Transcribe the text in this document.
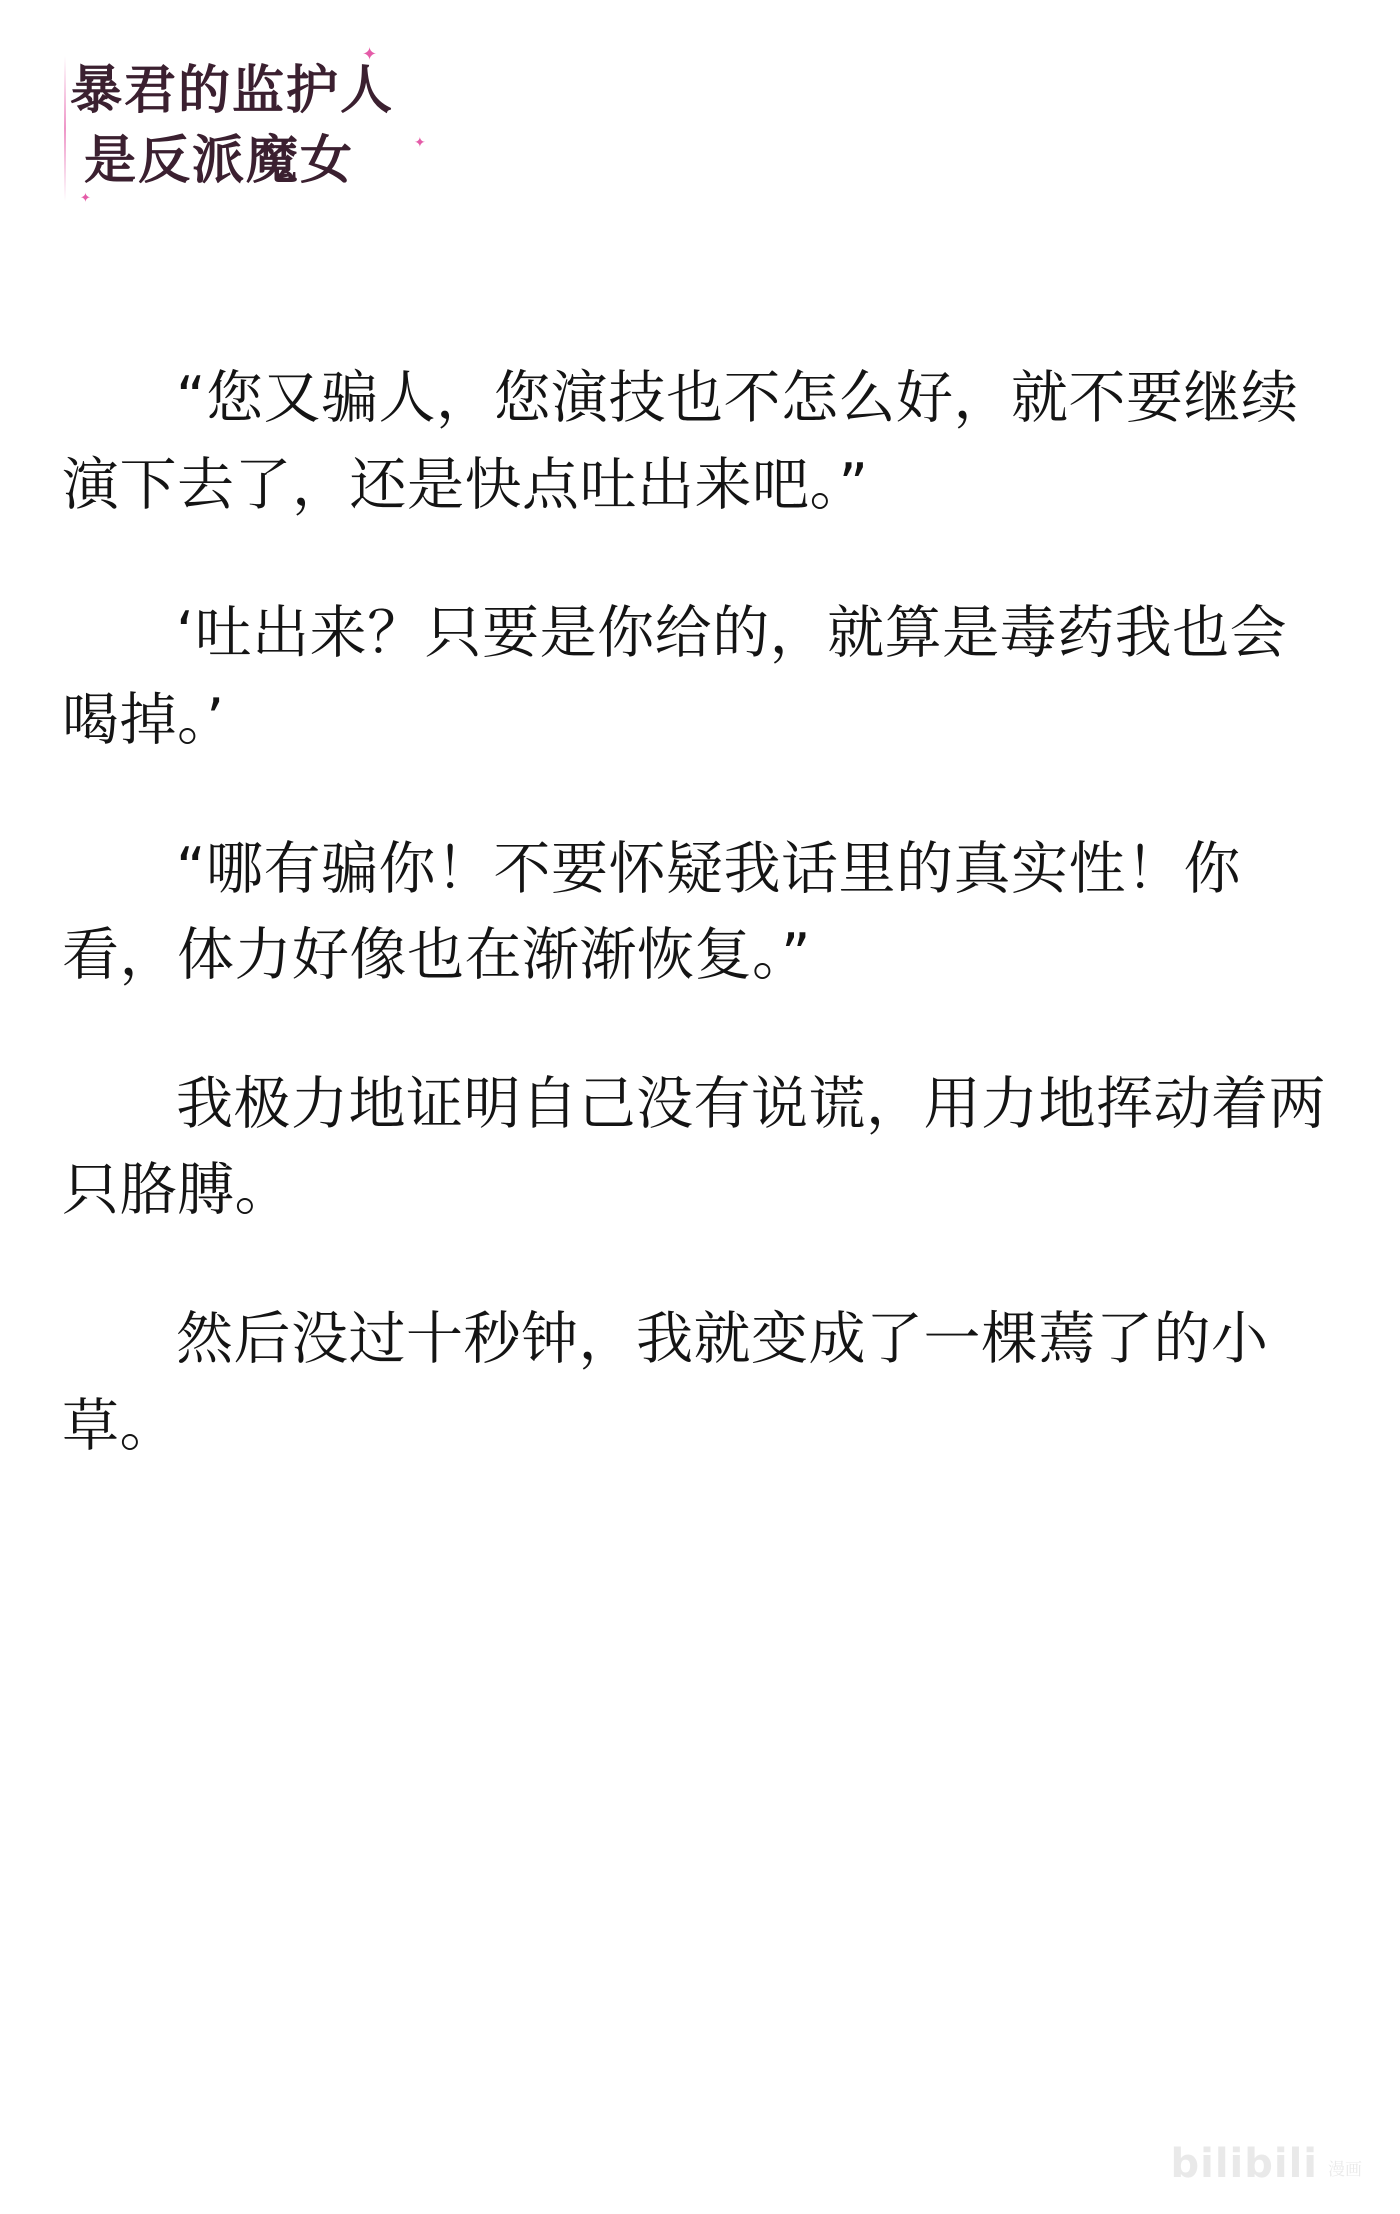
暴君的监护人
是反派魔女
✦
✦
✦

“您又骗人，您演技也不怎么好，就不要继续演下去了，还是快点吐出来吧。”

‘吐出来？只要是你给的，就算是毒药我也会喝掉。’

“哪有骗你！不要怀疑我话里的真实性！你看，体力好像也在渐渐恢复。”

我极力地证明自己没有说谎，用力地挥动着两只胳膊。

然后没过十秒钟，我就变成了一棵蔫了的小草。

bilibili 漫画
